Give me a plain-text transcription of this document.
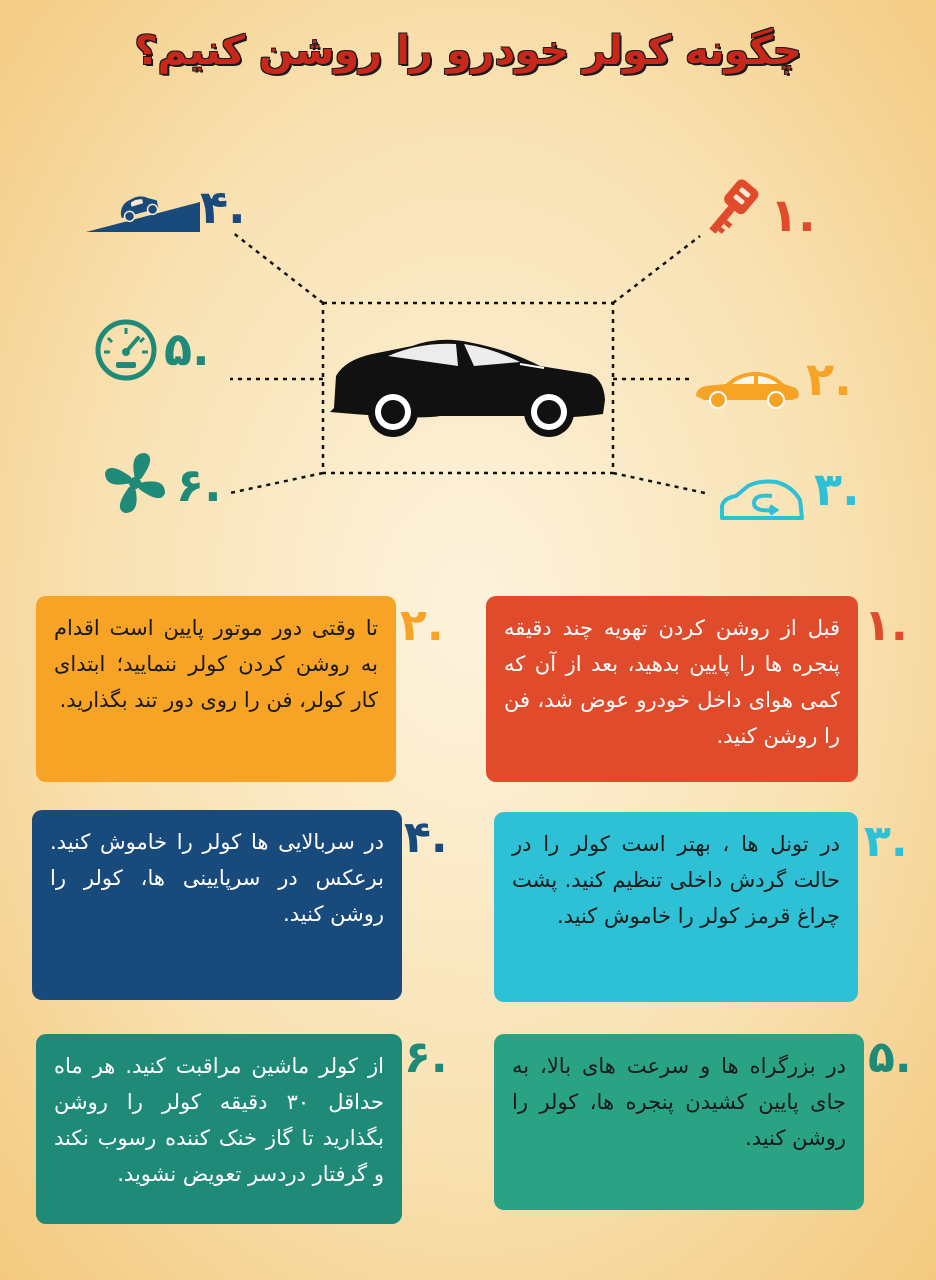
چگونه کولر خودرو را روشن کنیم؟
۱.
۲.
۳.
۴.
۵.
۶.
۱.
قبل از روشن کردن تهویه چند دقیقه پنجره ها را پایین بدهید، بعد از آن که کمی هوای داخل خودرو عوض شد، فن را روشن کنید.
۲.
تا وقتی دور موتور پایین است اقدام به روشن کردن کولر ننمایید؛ ابتدای کار کولر، فن را روی دور تند بگذارید.
۳.
در تونل ها ، بهتر است کولر را در حالت گردش داخلی تنظیم کنید. پشت چراغ قرمز کولر را خاموش کنید.
۴.
در سربالایی ها کولر را خاموش کنید. برعکس در سرپایینی ها، کولر را روشن کنید.
۵.
در بزرگراه ها و سرعت های بالا، به جای پایین کشیدن پنجره ها، کولر را روشن کنید.
۶.
از کولر ماشین مراقبت کنید. هر ماه حداقل ۳۰ دقیقه کولر را روشن بگذارید تا گاز خنک کننده رسوب نکند و گرفتار دردسر تعویض نشوید.
